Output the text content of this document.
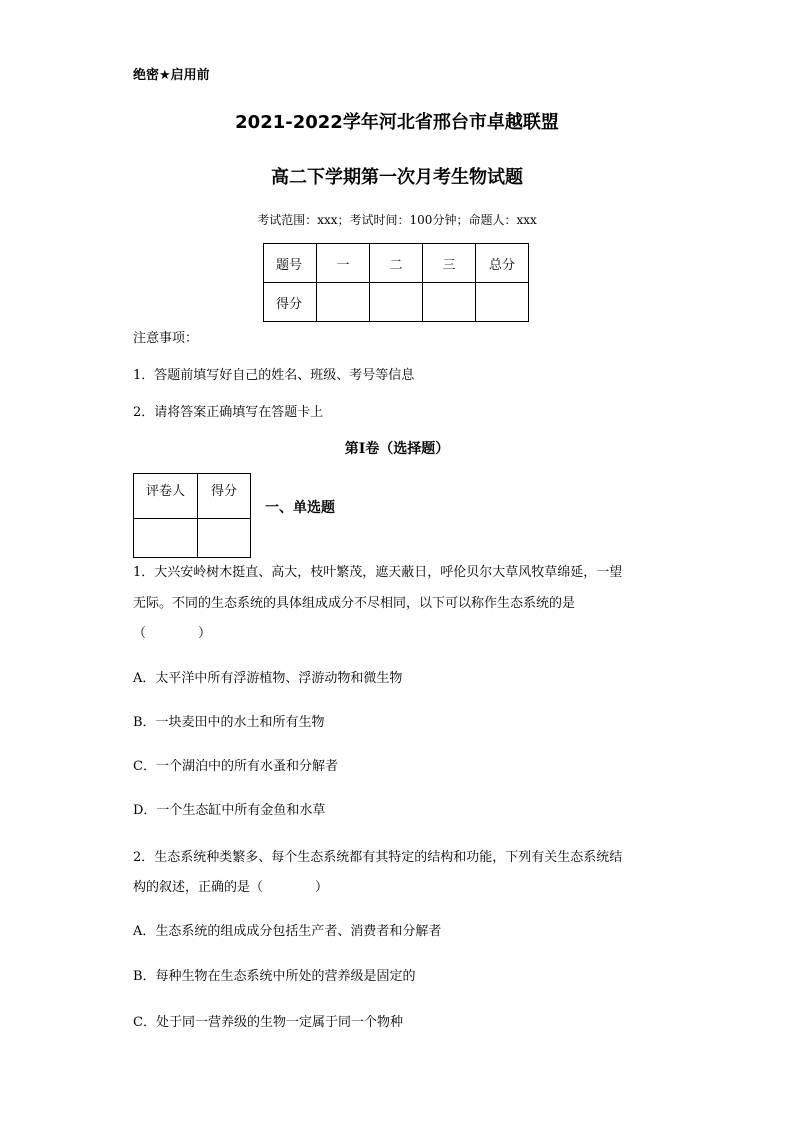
绝密★启用前
2021-2022学年河北省邢台市卓越联盟
高二下学期第一次月考生物试题
考试范围：xxx；考试时间：100分钟；命题人：xxx
题号	一	二	三	总分
得分				
注意事项：
1．答题前填写好自己的姓名、班级、考号等信息
2．请将答案正确填写在答题卡上
第I卷（选择题）
评卷人	得分

一、单选题
1．大兴安岭树木挺直、高大，枝叶繁茂，遮天蔽日，呼伦贝尔大草风牧草绵延，一望
无际。不同的生态系统的具体组成成分不尽相同，以下可以称作生态系统的是
（　　　　）
A．太平洋中所有浮游植物、浮游动物和微生物
B．一块麦田中的水土和所有生物
C．一个湖泊中的所有水蚤和分解者
D．一个生态缸中所有金鱼和水草
2．生态系统种类繁多、每个生态系统都有其特定的结构和功能，下列有关生态系统结
构的叙述，正确的是（　　　　）
A．生态系统的组成成分包括生产者、消费者和分解者
B．每种生物在生态系统中所处的营养级是固定的
C．处于同一营养级的生物一定属于同一个物种
